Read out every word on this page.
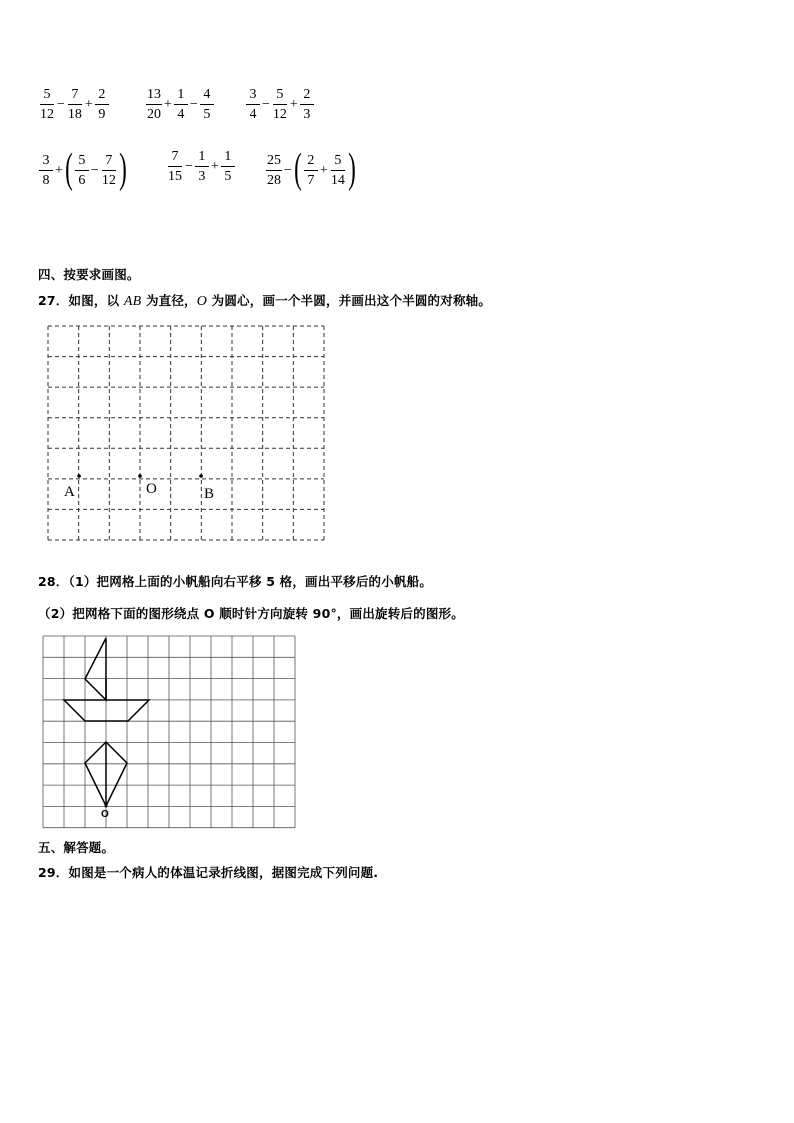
$\frac{5}{12} - \frac{7}{18} + \frac{2}{9}$	$\frac{13}{20} + \frac{1}{4} - \frac{4}{5} \frac{3}{4} - \frac{5}{12} + \frac{2}{3}$
$\frac{3}{8}$ + ( $\frac{5}{6} - \frac{7}{12}$ )	$\frac{7}{15} - \frac{1}{3} + \frac{1}{5} \frac{25}{28}$ − ( $\frac{2}{7} + \frac{5}{14}$ )
四、按要求画图。
27．如图，以 AB 为直径，O 为圆心，画一个半圆，并画出这个半圆的对称轴。
A	O	B
28．（1）把网格上面的小帆船向右平移 5 格，画出平移后的小帆船。
（2）把网格下面的图形绕点 O 顺时针方向旋转 90°，画出旋转后的图形。
O
五、解答题。
29．如图是一个病人的体温记录折线图，据图完成下列问题.
